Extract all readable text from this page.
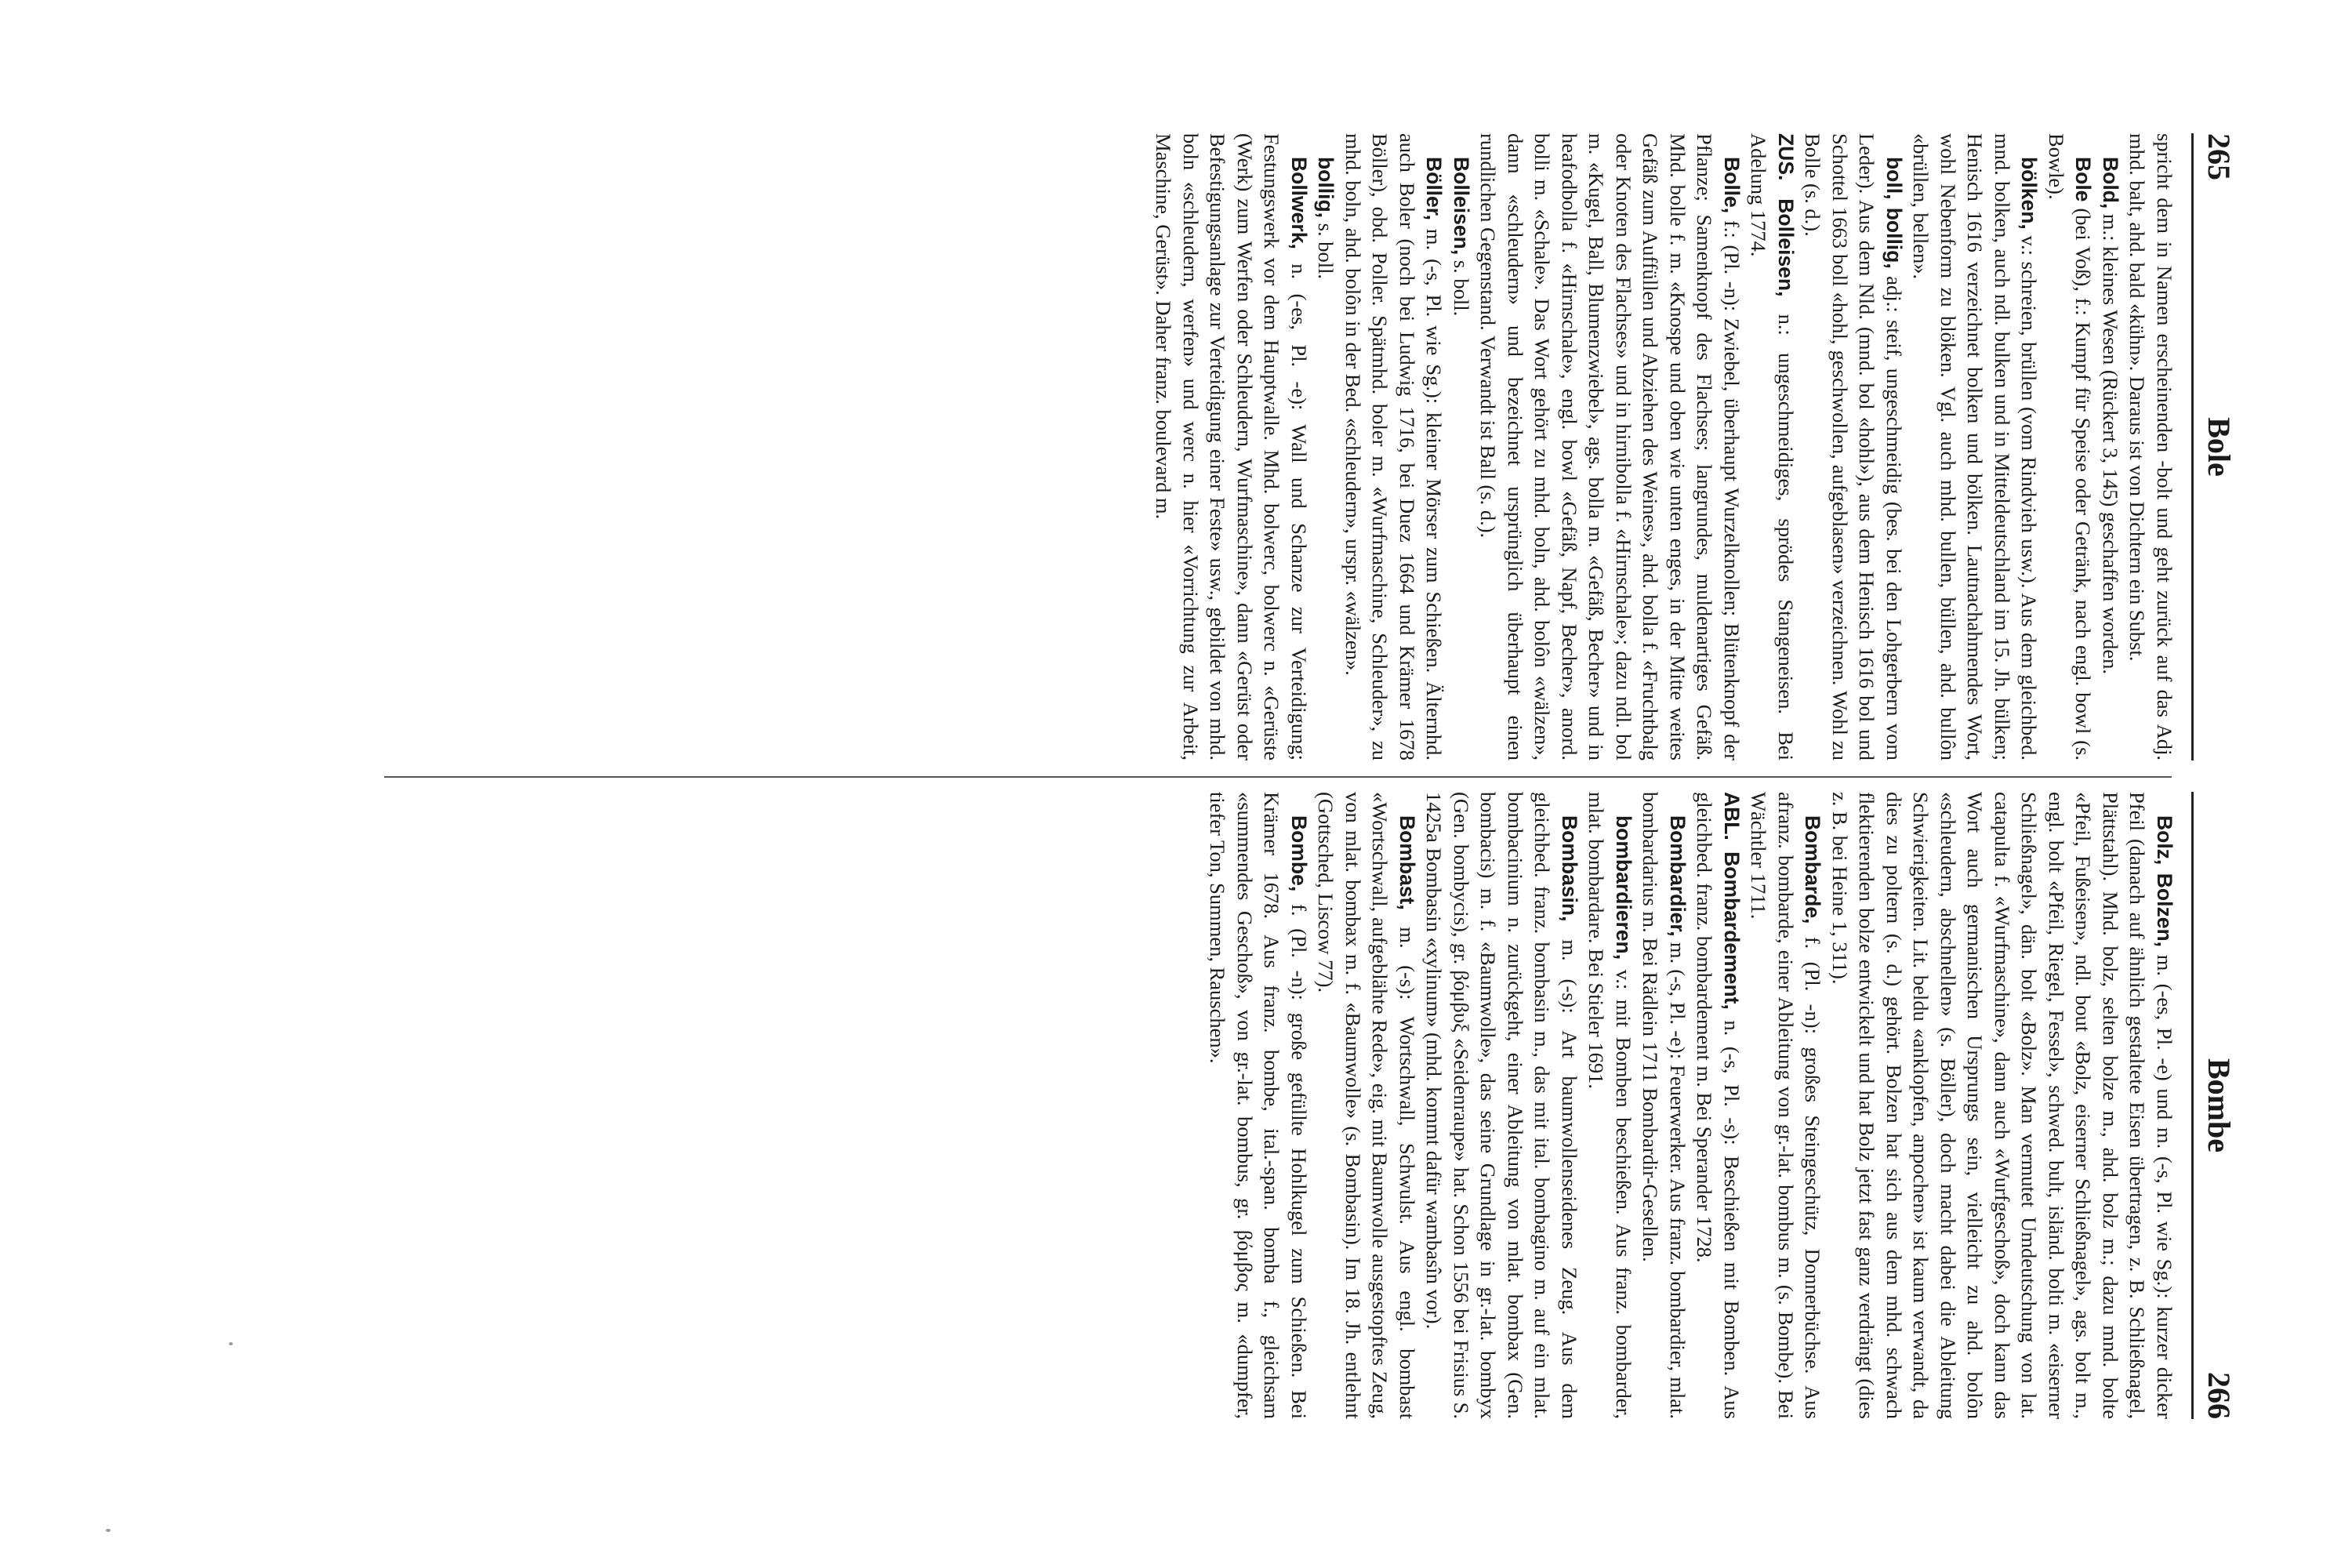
265
Bole

spricht dem in Namen erscheinenden -bolt und geht zurück auf das Adj. mhd. balt, ahd. bald «kühn». Daraus ist von Dichtern ein Subst.

Bold, m.: kleines Wesen (Rückert 3, 145) geschaffen worden.

Bole (bei Voß), f.: Kumpf für Speise oder Getränk, nach engl. bowl (s. Bowle).

bölken, v.: schreien, brüllen (vom Rindvieh usw.). Aus dem gleichbed. mnd. bolken, auch ndl. bulken und in Mitteldeutschland im 15. Jh. bülken; Henisch 1616 verzeichnet bolken und bölken. Lautnachahmendes Wort, wohl Nebenform zu blöken. Vgl. auch mhd. bullen, büllen, ahd. bullôn «brüllen, bellen».

boll, bollig, adj.: steif, ungeschmeidig (bes. bei den Lohgerbern vom Leder). Aus dem Nld. (mnd. bol «hohl»), aus dem Henisch 1616 bol und Schottel 1663 boll «hohl, geschwollen, aufgeblasen» verzeichnen. Wohl zu Bolle (s. d.).

ZUS. Bolleisen, n.: ungeschmeidiges, sprödes Stangeneisen. Bei Adelung 1774.

Bolle, f.: (Pl. -n): Zwiebel, überhaupt Wurzelknollen; Blütenknopf der Pflanze; Samenknopf des Flachses; langrundes, muldenartiges Gefäß. Mhd. bolle f. m. «Knospe und oben wie unten enges, in der Mitte weites Gefäß zum Auffüllen und Abziehen des Weines», ahd. bolla f. «Fruchtbalg oder Knoten des Flachses» und in hirnibolla f. «Hirnschale»; dazu ndl. bol m. «Kugel, Ball, Blumenzwiebel», ags. bolla m. «Gefäß, Becher» und in heafodbolla f. «Hirnschale», engl. bowl «Gefäß, Napf, Becher», anord. bolli m. «Schale». Das Wort gehört zu mhd. boln, ahd. bolôn «wälzen», dann «schleudern» und bezeichnet ursprünglich überhaupt einen rundlichen Gegenstand. Verwandt ist Ball (s. d.).

Bolleisen, s. boll.

Böller, m. (-s, Pl. wie Sg.): kleiner Mörser zum Schießen. Älternhd. auch Boler (noch bei Ludwig 1716, bei Duez 1664 und Krämer 1678 Böller), obd. Poller. Spätmhd. boler m. «Wurfmaschine, Schleuder», zu mhd. boln, ahd. bolôn in der Bed. «schleudern», urspr. «wälzen».

bollig, s. boll.

Bollwerk, n. (-es, Pl. -e): Wall und Schanze zur Verteidigung; Festungswerk vor dem Hauptwalle. Mhd. bolwerc, bolwerc n. «Gerüste (Werk) zum Werfen oder Schleudern, Wurfmaschine», dann «Gerüst oder Befestigungsanlage zur Verteidigung einer Feste» usw., gebildet von mhd. boln «schleudern, werfen» und werc n. hier «Vorrichtung zur Arbeit, Maschine, Gerüst». Daher franz. boulevard m.

Bombe
266

Bolz, Bolzen, m. (-es, Pl. -e) und m. (-s, Pl. wie Sg.): kurzer dicker Pfeil (danach auf ähnlich gestaltete Eisen übertragen, z. B. Schließnagel, Plättstahl). Mhd. bolz, selten bolze m., ahd. bolz m.; dazu mnd. bolte «Pfeil, Fußeisen», ndl. bout «Bolz, eiserner Schließnagel», ags. bolt m., engl. bolt «Pfeil, Riegel, Fessel», schwed. bult, isländ. bolti m. «eiserner Schließnagel», dän. bolt «Bolz». Man vermutet Umdeutschung von lat. catapulta f. «Wurfmaschine», dann auch «Wurfgeschoß», doch kann das Wort auch germanischen Ursprungs sein, vielleicht zu ahd. bolôn «schleudern, abschnellen» (s. Böller), doch macht dabei die Ableitung Schwierigkeiten. Lit. beldu «anklopfen, anpochen» ist kaum verwandt, da dies zu poltern (s. d.) gehört. Bolzen hat sich aus dem mhd. schwach flektierenden bolze entwickelt und hat Bolz jetzt fast ganz verdrängt (dies z. B. bei Heine 1, 311).

Bombarde, f. (Pl. -n): großes Steingeschütz, Donnerbüchse. Aus afranz. bombarde, einer Ableitung von gr.-lat. bombus m. (s. Bombe). Bei Wächtler 1711.

ABL. Bombardement, n. (-s, Pl. -s): Beschießen mit Bomben. Aus gleichbed. franz. bombardement m. Bei Sperander 1728.

Bombardier, m. (-s, Pl. -e): Feuerwerker. Aus franz. bombardier, mlat. bombardarius m. Bei Rädlein 1711 Bombardir-Gesellen.

bombardieren, v.: mit Bomben beschießen. Aus franz. bombarder, mlat. bombardare. Bei Stieler 1691.

Bombasin, m. (-s): Art baumwollenseidenes Zeug. Aus dem gleichbed. franz. bombasin m., das mit ital. bombagino m. auf ein mlat. bombacinium n. zurückgeht, einer Ableitung von mlat. bombax (Gen. bombacis) m. f. «Baumwolle», das seine Grundlage in gr.-lat. bombyx (Gen. bombycis), gr. βόμβυξ «Seidenraupe» hat. Schon 1556 bei Frisius S. 1425a Bombasin «xylinum» (mhd. kommt dafür wambasîn vor).

Bombast, m. (-s): Wortschwall, Schwulst. Aus engl. bombast «Wortschwall, aufgeblähte Rede», eig. mit Baumwolle ausgestopftes Zeug, von mlat. bombax m. f. «Baumwolle» (s. Bombasin). Im 18. Jh. entlehnt (Gottsched, Liscow 77).

Bombe, f. (Pl. -n): große gefüllte Hohlkugel zum Schießen. Bei Krämer 1678. Aus franz. bombe, ital.-span. bomba f., gleichsam «summendes Geschoß», von gr.-lat. bombus, gr. βόμβος m. «dumpfer, tiefer Ton, Summen, Rauschen».
